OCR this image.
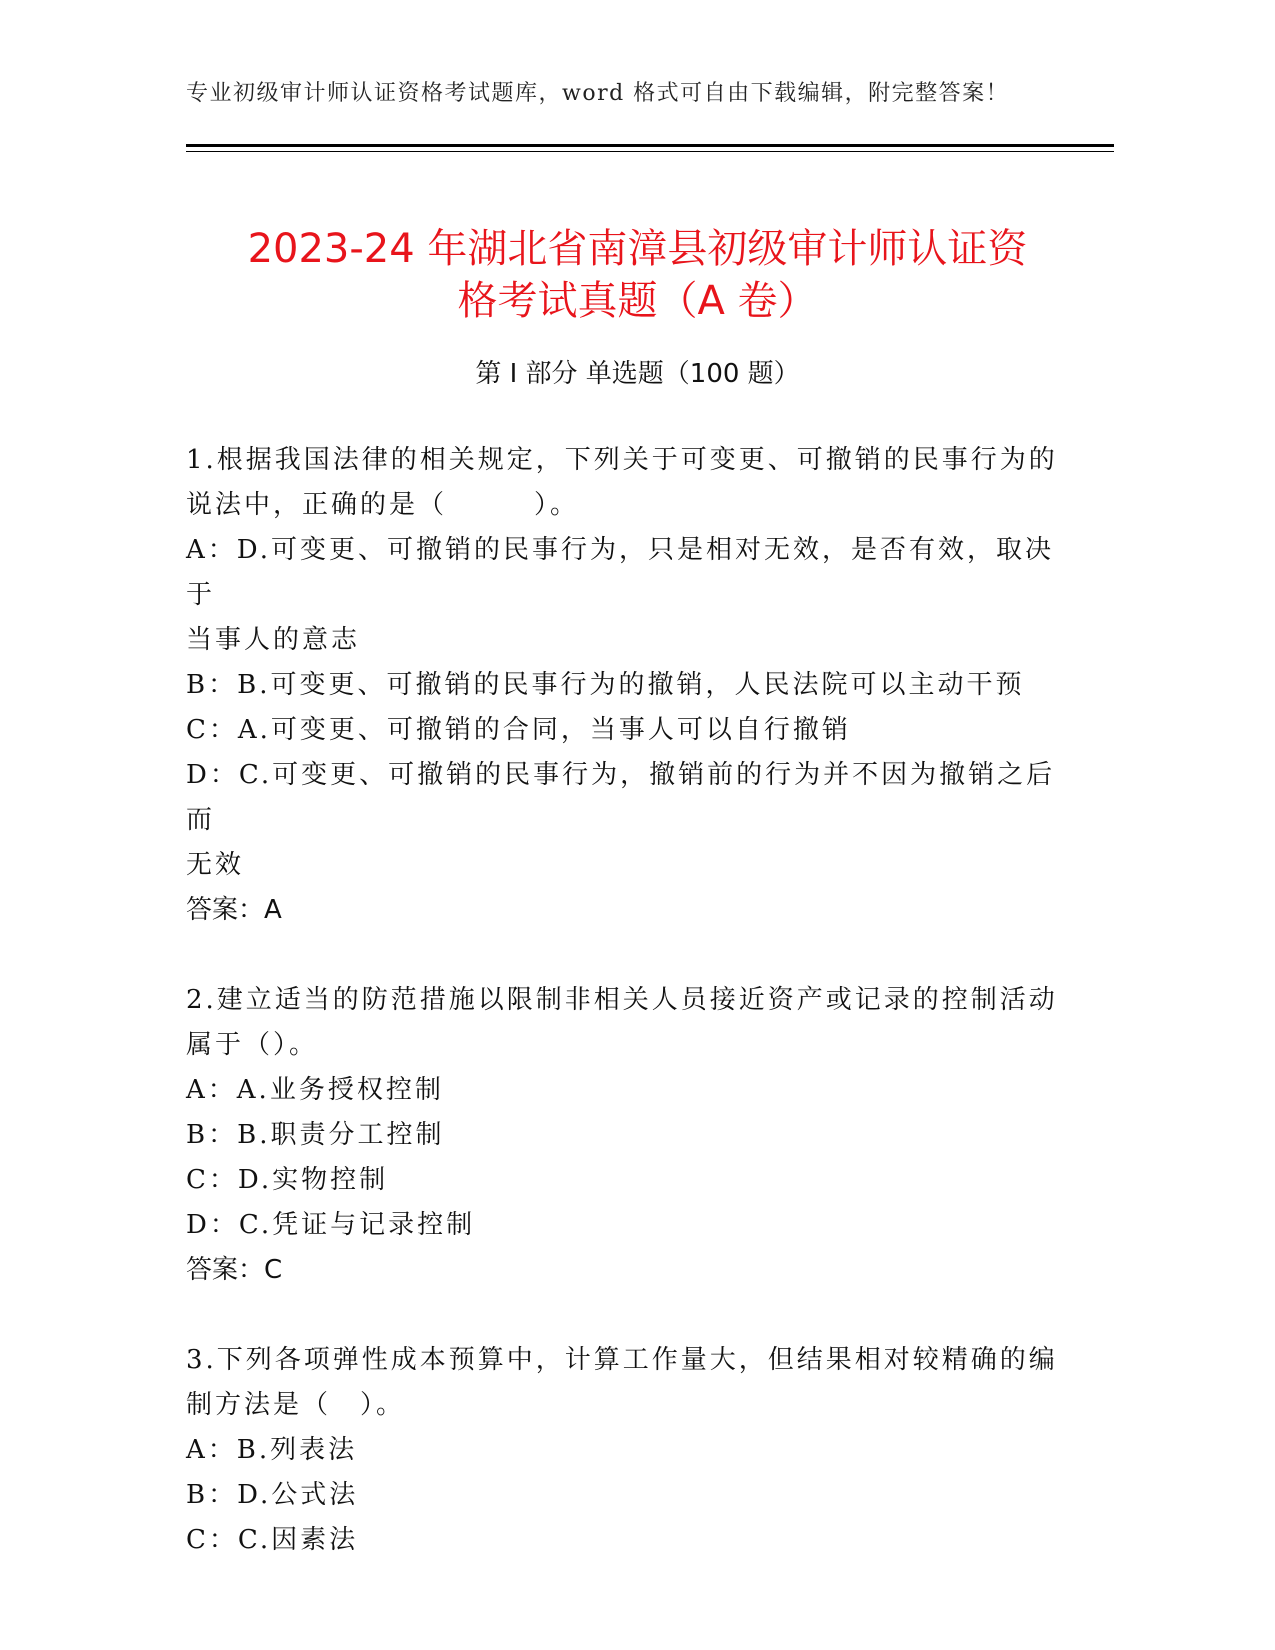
专业初级审计师认证资格考试题库，word 格式可自由下载编辑，附完整答案！
2023-24 年湖北省南漳县初级审计师认证资
格考试真题（A 卷）
第 I 部分 单选题（100 题）

1.根据我国法律的相关规定，下列关于可变更、可撤销的民事行为的

说法中，正确的是（　　　）。

A：D.可变更、可撤销的民事行为，只是相对无效，是否有效，取决于

当事人的意志

B：B.可变更、可撤销的民事行为的撤销，人民法院可以主动干预

C：A.可变更、可撤销的合同，当事人可以自行撤销

D：C.可变更、可撤销的民事行为，撤销前的行为并不因为撤销之后而

无效

答案：A

2.建立适当的防范措施以限制非相关人员接近资产或记录的控制活动

属于（）。

A：A.业务授权控制

B：B.职责分工控制

C：D.实物控制

D：C.凭证与记录控制

答案：C

3.下列各项弹性成本预算中，计算工作量大，但结果相对较精确的编

制方法是（　）。

A：B.列表法

B：D.公式法

C：C.因素法
